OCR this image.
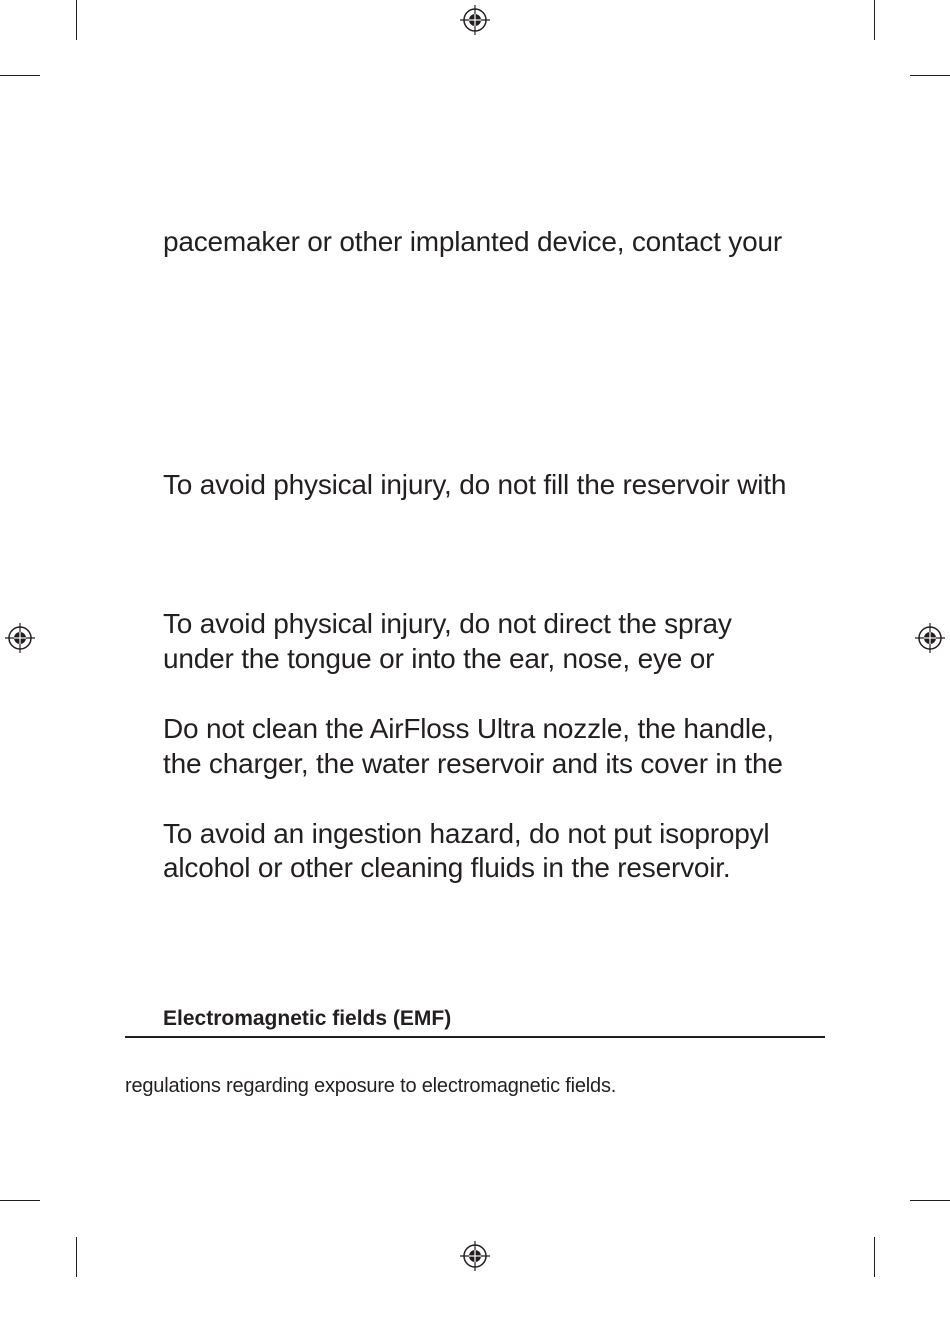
pacemaker or other implanted device, contact your
To avoid physical injury, do not fill the reservoir with
To avoid physical injury, do not direct the spray
under the tongue or into the ear, nose, eye or
Do not clean the AirFloss Ultra nozzle, the handle,
the charger, the water reservoir and its cover in the
To avoid an ingestion hazard, do not put isopropyl
alcohol or other cleaning fluids in the reservoir.
Electromagnetic fields (EMF)
regulations regarding exposure to electromagnetic fields.
